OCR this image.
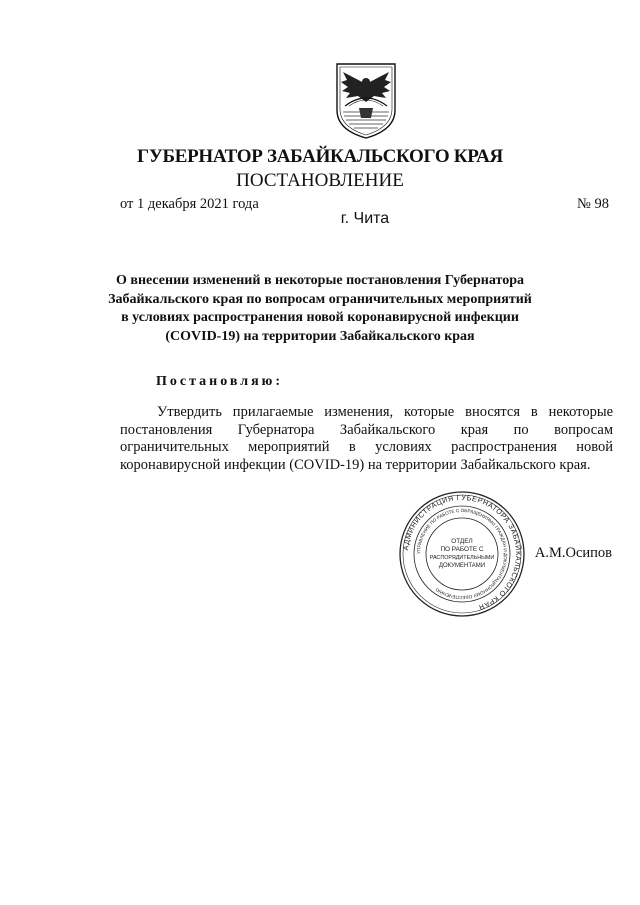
ГУБЕРНАТОР ЗАБАЙКАЛЬСКОГО КРАЯ
ПОСТАНОВЛЕНИЕ
от 1 декабря 2021 года	№ 98
г. Чита
О внесении изменений в некоторые постановления Губернатора
Забайкальского края по вопросам ограничительных мероприятий
в условиях распространения новой коронавирусной инфекции
(COVID-19) на территории Забайкальского края
Постановляю:

Утвердить прилагаемые изменения, которые вносятся в некоторые постановления Губернатора Забайкальского края по вопросам ограничительных мероприятий в условиях распространения новой коронавирусной инфекции (COVID-19) на территории Забайкальского края.

АДМИНИСТРАЦИЯ ГУБЕРНАТОРА ЗАБАЙКАЛЬСКОГО КРАЯ
УПРАВЛЕНИЕ ПО РАБОТЕ С ОБРАЩЕНИЯМИ ГРАЖДАН И ДОКУМЕНТАЦИОННОМУ ОБЕСПЕЧЕНИЮ
ОТДЕЛ
ПО РАБОТЕ С
РАСПОРЯДИТЕЛЬНЫМИ
ДОКУМЕНТАМИ
А.М.Осипов
